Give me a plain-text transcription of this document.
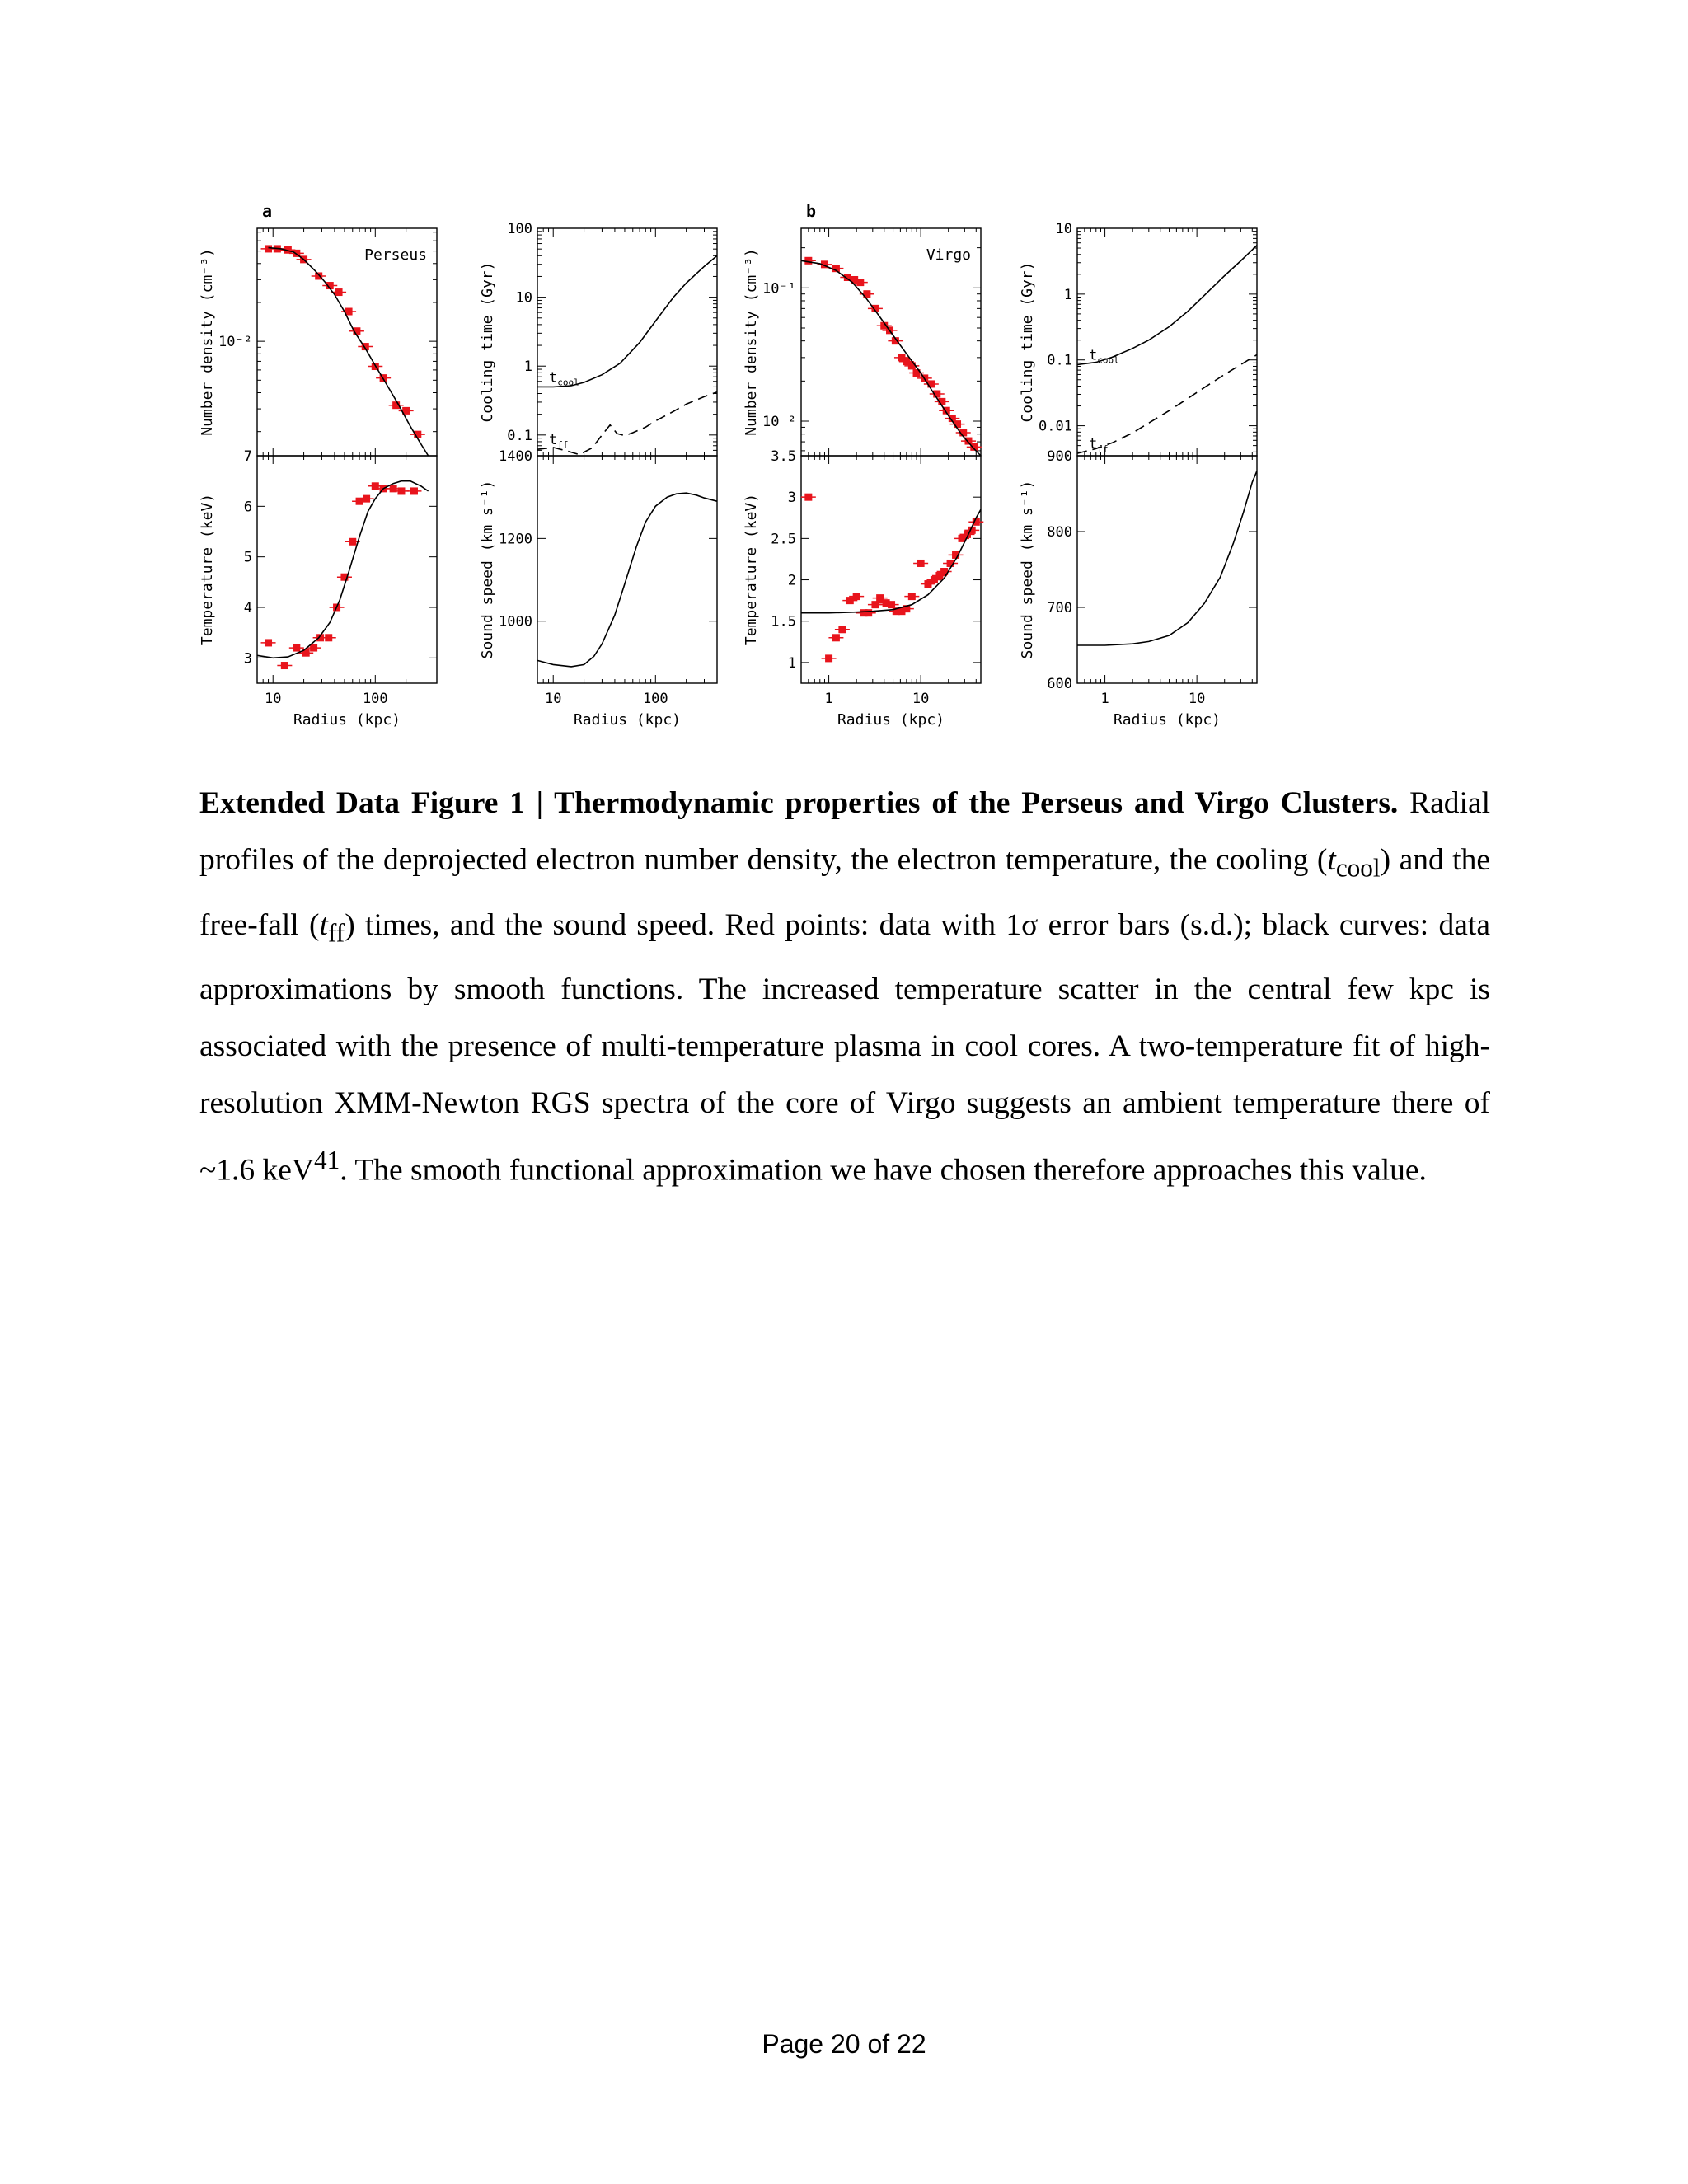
10⁻²
Number density (cm⁻³)	Perseus
100
10
1
0.1
Cooling time (Gyr)	$t_{cool}$
$t_{ff}$
7
6
5
4
3
10	100
Temperature (keV)
Radius (kpc)
1400
1200
1000
10	100
Sound speed (km s⁻¹)
Radius (kpc)
10⁻¹
10⁻²
Number density (cm⁻³)	Virgo
10
1
0.1
0.01
Cooling time (Gyr)	$t_{cool}$
$t_{ff}$
3.5
3
2.5
2
1.5
1
1	10
Temperature (keV)
Radius (kpc)
900
800
700
600
1	10
Sound speed (km s⁻¹)
Radius (kpc)
a	b

Extended Data Figure 1 | Thermodynamic properties of the Perseus and Virgo Clusters. Radial profiles of the deprojected electron number density, the electron temperature, the cooling $(t_{cool})$ and the free-fall $(t_{ff})$ times, and the sound speed. Red points: data with 1σ error bars (s.d.); black curves: data approximations by smooth functions. The increased temperature scatter in the central few kpc is associated with the presence of multi-temperature plasma in cool cores. A two-temperature fit of high-resolution XMM-Newton RGS spectra of the core of Virgo suggests an ambient temperature there of ~1.6 keV$^{41}$. The smooth functional approximation we have chosen therefore approaches this value.

Page 20 of 22
